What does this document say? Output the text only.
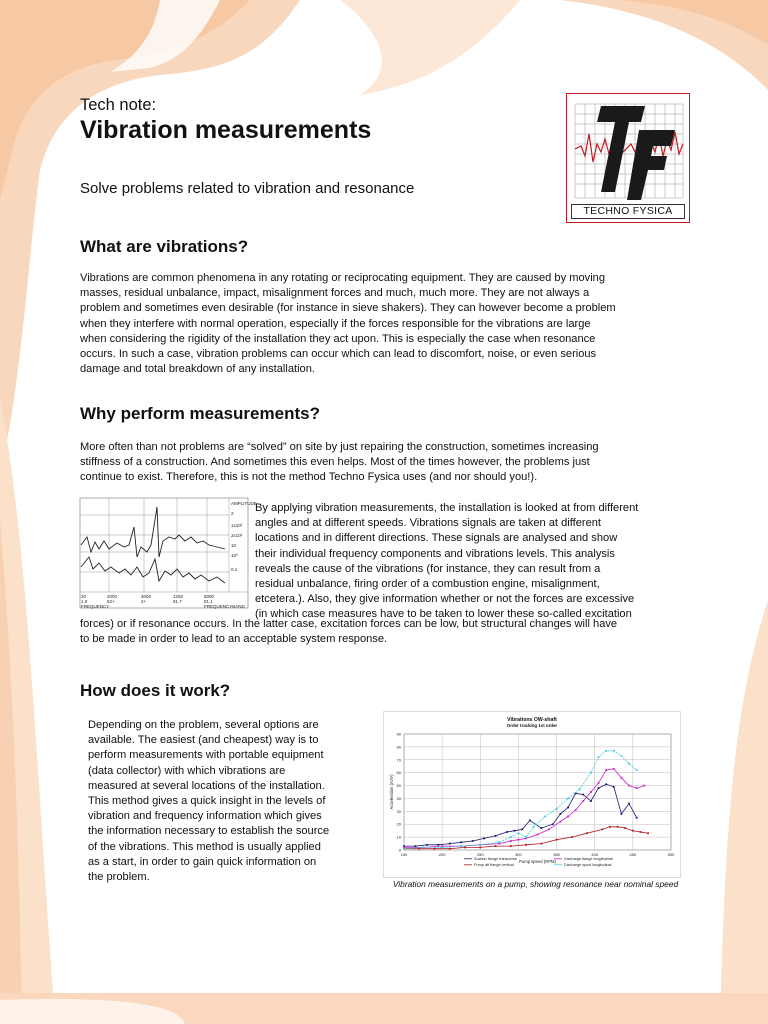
Tech note:
Vibration measurements
Solve problems related to vibration and resonance
TECHNO FYSICA
What are vibrations?
Vibrations are common phenomena in any rotating or reciprocating equipment. They are caused by moving
masses, residual unbalance, impact, misalignment forces and much, much more. They are not always a
problem and sometimes even desirable (for instance in sieve shakers). They can however become a problem
when they interfere with normal operation, especially if the forces responsible for the vibrations are large
when considering the rigidity of the installation they act upon. This is especially the case when resonance
occurs. In such a case, vibration problems can occur which can lead to discomfort, noise, or even serious
damage and total breakdown of any installation.
Why perform measurements?
More often than not problems are “solved” on site by just repairing the construction, sometimes increasing
stiffness of a construction. And sometimes this even helps. Most of the times however, the problems just
continue to exist. Therefore, this is not the method Techno Fysica uses (and nor should you!).
AMPLITUDE
2
1x10²
2x10²
10
10⁰
0.1
20	2000	3000	1250	5000
1.0	52+	2+	81.7	81.1
FREQUENCY	FREQUENCYBAND
By applying vibration measurements, the installation is looked at from different
angles and at different speeds. Vibrations signals are taken at different
locations and in different directions. These signals are analysed and show
their individual frequency components and vibrations levels. This analysis
reveals the cause of the vibrations (for instance, they can result from a
residual unbalance, firing order of a combustion engine, misalignment,
etcetera.). Also, they give information whether or not the forces are excessive
(in which case measures have to be taken to lower these so-called excitation
forces) or if resonance occurs. In the latter case, excitation forces can be low, but structural changes will have
to be made in order to lead to an acceptable system response.
How does it work?
Depending on the problem, several options are
available. The easiest (and cheapest) way is to
perform measurements with portable equipment
(data collector) with which vibrations are
measured at several locations of the installation.
This method gives a quick insight in the levels of
vibration and frequency information which gives
the information necessary to establish the source
of the vibrations. This method is usually applied
as a start, in order to gain quick information on
the problem.
Vibrations OW-shaft
Order tracking 1st order
0
10
20
30
40
50
60
70
80
90
150	200	250	300	350	400	450	500
Pump speed (RPM)
Acceleration (m/s²)
Suction flange transverse
Pump aft flange vertical
Discharge flange longitudinal
Discharge spool longitudinal
Vibration measurements on a pump, showing resonance near nominal speed
